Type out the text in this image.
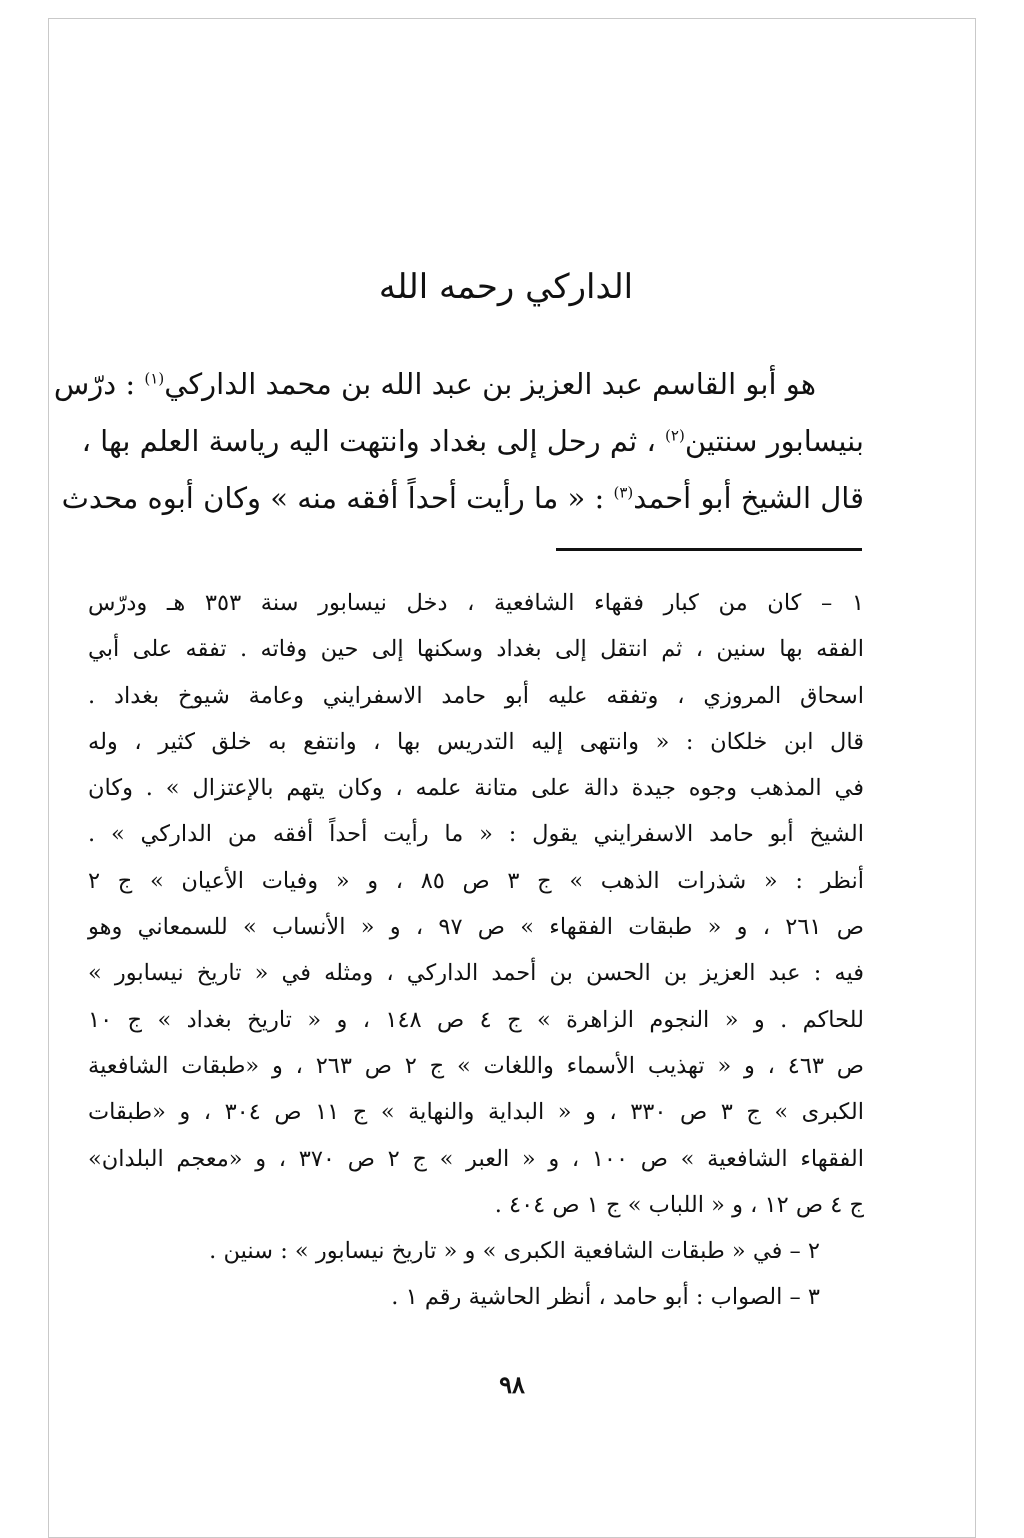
الداركي رحمه الله
هو أبو القاسم عبد العزيز بن عبد الله بن محمد الداركي$^{(١)}$ : درّس
بنيسابور سنتين$^{(٢)}$ ، ثم رحل إلى بغداد وانتهت اليه رياسة العلم بها ،
قال الشيخ أبو أحمد$^{(٣)}$ : « ما رأيت أحداً أفقه منه » وكان أبوه محدث
١ – كان من كبار فقهاء الشافعية ، دخل نيسابور سنة ٣٥٣ هـ ودرّس
الفقه بها سنين ، ثم انتقل إلى بغداد وسكنها إلى حين وفاته . تفقه على أبي
اسحاق المروزي ، وتفقه عليه أبو حامد الاسفرايني وعامة شيوخ بغداد .
قال ابن خلكان : « وانتهى إليه التدريس بها ، وانتفع به خلق كثير ، وله
في المذهب وجوه جيدة دالة على متانة علمه ، وكان يتهم بالإعتزال » . وكان
الشيخ أبو حامد الاسفرايني يقول : « ما رأيت أحداً أفقه من الداركي » .
أنظر : « شذرات الذهب » ج ٣ ص ٨٥ ، و « وفيات الأعيان » ج ٢
ص ٢٦١ ، و « طبقات الفقهاء » ص ٩٧ ، و « الأنساب » للسمعاني وهو
فيه : عبد العزيز بن الحسن بن أحمد الداركي ، ومثله في « تاريخ نيسابور »
للحاكم . و « النجوم الزاهرة » ج ٤ ص ١٤٨ ، و « تاريخ بغداد » ج ١٠
ص ٤٦٣ ، و « تهذيب الأسماء واللغات » ج ٢ ص ٢٦٣ ، و «طبقات الشافعية
الكبرى » ج ٣ ص ٣٣٠ ، و « البداية والنهاية » ج ١١ ص ٣٠٤ ، و «طبقات
الفقهاء الشافعية » ص ١٠٠ ، و « العبر » ج ٢ ص ٣٧٠ ، و «معجم البلدان»
ج ٤ ص ١٢ ، و « اللباب » ج ١ ص ٤٠٤ .
٢ – في « طبقات الشافعية الكبرى » و « تاريخ نيسابور » : سنين .
٣ – الصواب : أبو حامد ، أنظر الحاشية رقم ١ .
٩٨
